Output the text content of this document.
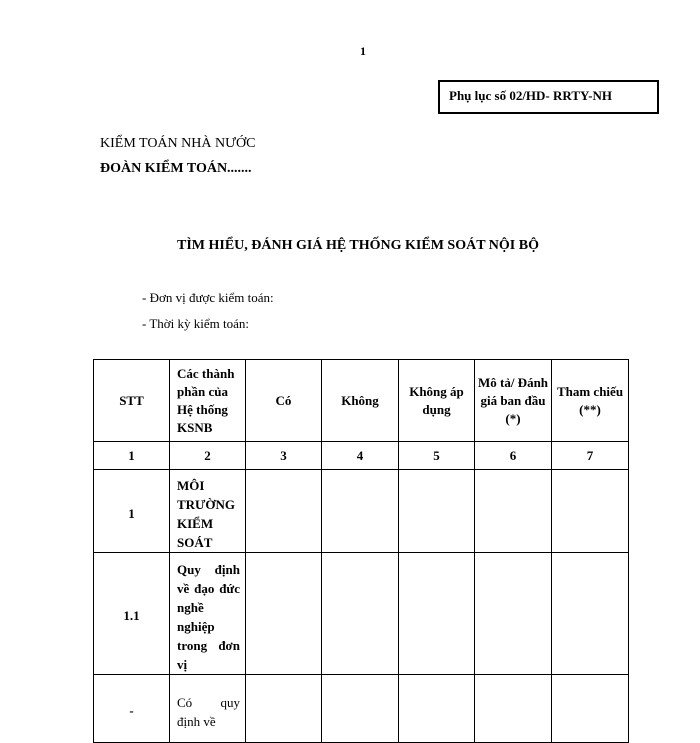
1
Phụ lục số 02/HD- RRTY-NH
KIỂM TOÁN NHÀ NƯỚC
ĐOÀN KIỂM TOÁN.......
TÌM HIỂU, ĐÁNH GIÁ HỆ THỐNG KIỂM SOÁT NỘI BỘ
- Đơn vị được kiểm toán:
- Thời kỳ kiểm toán:
STT	Các thành phần của Hệ thống KSNB	Có	Không	Không áp dụng	Mô tả/ Đánh giá ban đầu (*)	Tham chiếu (**)
1	2	3	4	5	6	7
1	MÔI TRƯỜNG KIỂM SOÁT					
1.1	Quy định về đạo đức nghề nghiệp trong đơn vị					
-	Có quy định về					
